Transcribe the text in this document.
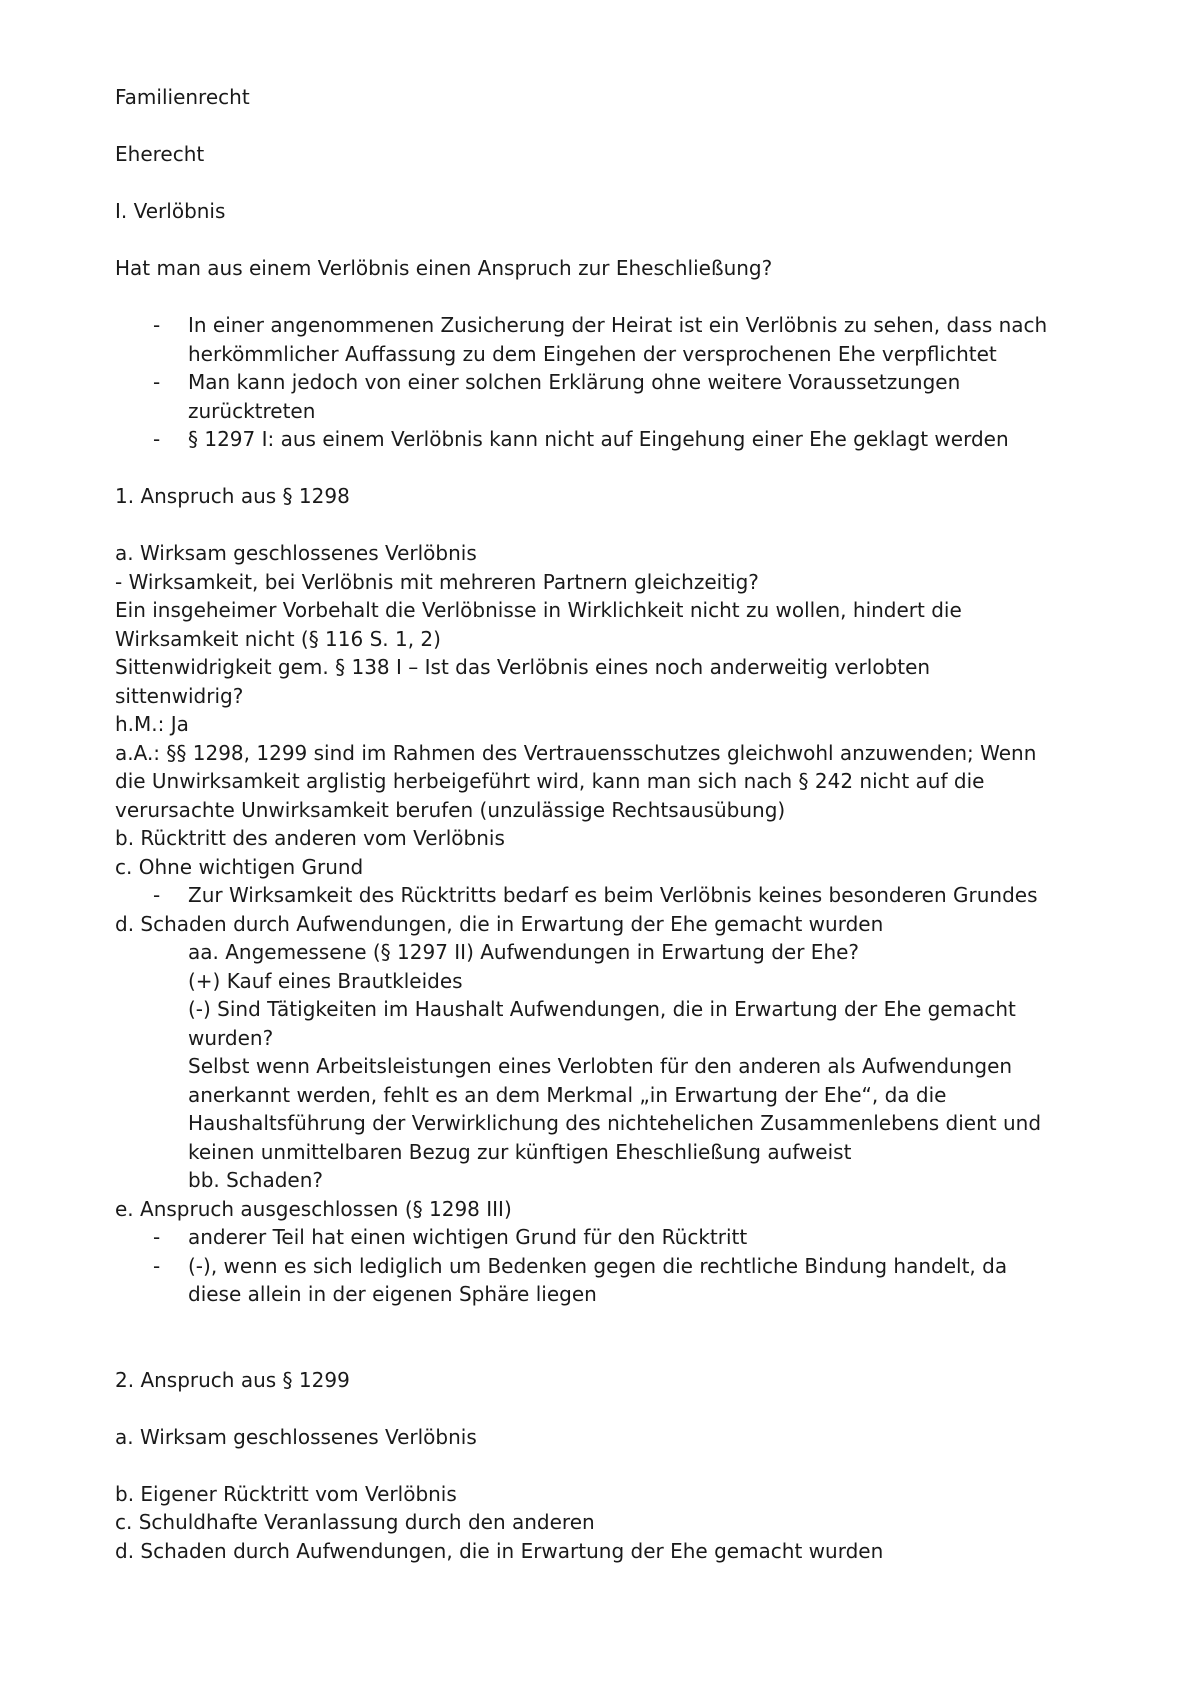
Familienrecht

Eherecht

I. Verlöbnis

Hat man aus einem Verlöbnis einen Anspruch zur Eheschließung?

- In einer angenommenen Zusicherung der Heirat ist ein Verlöbnis zu sehen, dass nach
herkömmlicher Auffassung zu dem Eingehen der versprochenen Ehe verpflichtet
- Man kann jedoch von einer solchen Erklärung ohne weitere Voraussetzungen
zurücktreten
- § 1297 I: aus einem Verlöbnis kann nicht auf Eingehung einer Ehe geklagt werden

1. Anspruch aus § 1298

a. Wirksam geschlossenes Verlöbnis

- Wirksamkeit, bei Verlöbnis mit mehreren Partnern gleichzeitig?

Ein insgeheimer Vorbehalt die Verlöbnisse in Wirklichkeit nicht zu wollen, hindert die

Wirksamkeit nicht (§ 116 S. 1, 2)

Sittenwidrigkeit gem. § 138 I – Ist das Verlöbnis eines noch anderweitig verlobten

sittenwidrig?

h.M.: Ja

a.A.: §§ 1298, 1299 sind im Rahmen des Vertrauensschutzes gleichwohl anzuwenden; Wenn

die Unwirksamkeit arglistig herbeigeführt wird, kann man sich nach § 242 nicht auf die

verursachte Unwirksamkeit berufen (unzulässige Rechtsausübung)

b. Rücktritt des anderen vom Verlöbnis

c. Ohne wichtigen Grund

- Zur Wirksamkeit des Rücktritts bedarf es beim Verlöbnis keines besonderen Grundes

d. Schaden durch Aufwendungen, die in Erwartung der Ehe gemacht wurden

aa. Angemessene (§ 1297 II) Aufwendungen in Erwartung der Ehe?

(+) Kauf eines Brautkleides

(-) Sind Tätigkeiten im Haushalt Aufwendungen, die in Erwartung der Ehe gemacht

wurden?

Selbst wenn Arbeitsleistungen eines Verlobten für den anderen als Aufwendungen

anerkannt werden, fehlt es an dem Merkmal „in Erwartung der Ehe“, da die

Haushaltsführung der Verwirklichung des nichtehelichen Zusammenlebens dient und

keinen unmittelbaren Bezug zur künftigen Eheschließung aufweist

bb. Schaden?

e. Anspruch ausgeschlossen (§ 1298 III)

- anderer Teil hat einen wichtigen Grund für den Rücktritt
- (-), wenn es sich lediglich um Bedenken gegen die rechtliche Bindung handelt, da
diese allein in der eigenen Sphäre liegen

2. Anspruch aus § 1299

a. Wirksam geschlossenes Verlöbnis

b. Eigener Rücktritt vom Verlöbnis

c. Schuldhafte Veranlassung durch den anderen

d. Schaden durch Aufwendungen, die in Erwartung der Ehe gemacht wurden
